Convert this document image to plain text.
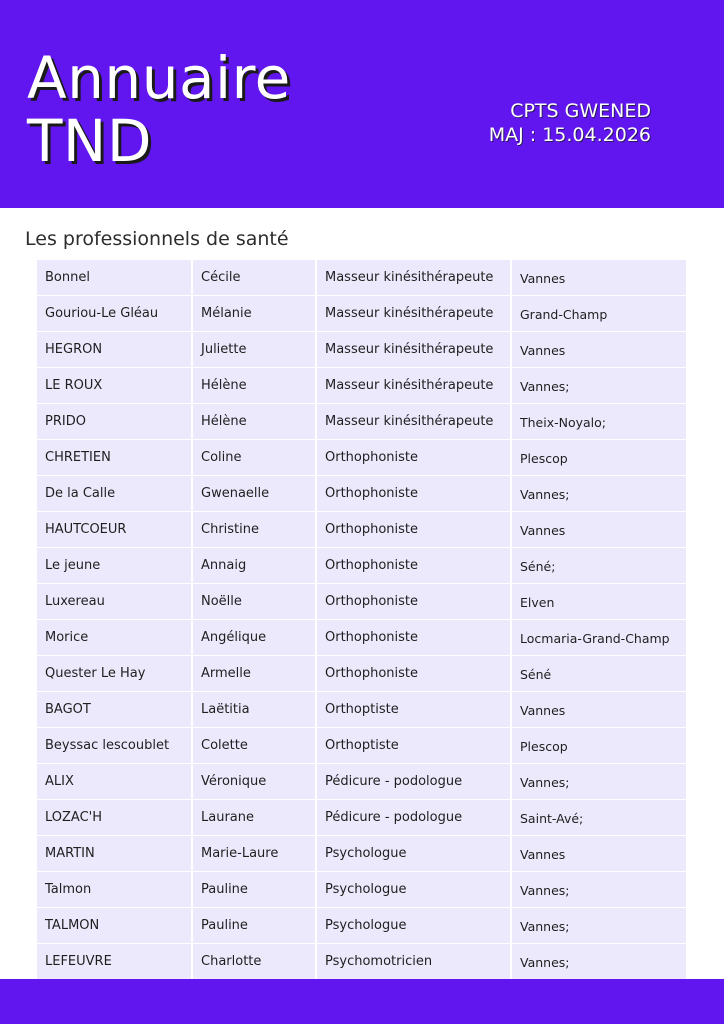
Annuaire
TND	CPTS GWENED
MAJ : 15.04.2026
Les professionnels de santé
Bonnel	Cécile	Masseur kinésithérapeute	Vannes
Gouriou-Le Gléau	Mélanie	Masseur kinésithérapeute	Grand-Champ
HEGRON	Juliette	Masseur kinésithérapeute	Vannes
LE ROUX	Hélène	Masseur kinésithérapeute	Vannes;
PRIDO	Hélène	Masseur kinésithérapeute	Theix-Noyalo;
CHRETIEN	Coline	Orthophoniste	Plescop
De la Calle	Gwenaelle	Orthophoniste	Vannes;
HAUTCOEUR	Christine	Orthophoniste	Vannes
Le jeune	Annaig	Orthophoniste	Séné;
Luxereau	Noëlle	Orthophoniste	Elven
Morice	Angélique	Orthophoniste	Locmaria-Grand-Champ
Quester Le Hay	Armelle	Orthophoniste	Séné
BAGOT	Laëtitia	Orthoptiste	Vannes
Beyssac lescoublet	Colette	Orthoptiste	Plescop
ALIX	Véronique	Pédicure - podologue	Vannes;
LOZAC'H	Laurane	Pédicure - podologue	Saint-Avé;
MARTIN	Marie-Laure	Psychologue	Vannes
Talmon	Pauline	Psychologue	Vannes;
TALMON	Pauline	Psychologue	Vannes;
LEFEUVRE	Charlotte	Psychomotricien	Vannes;
